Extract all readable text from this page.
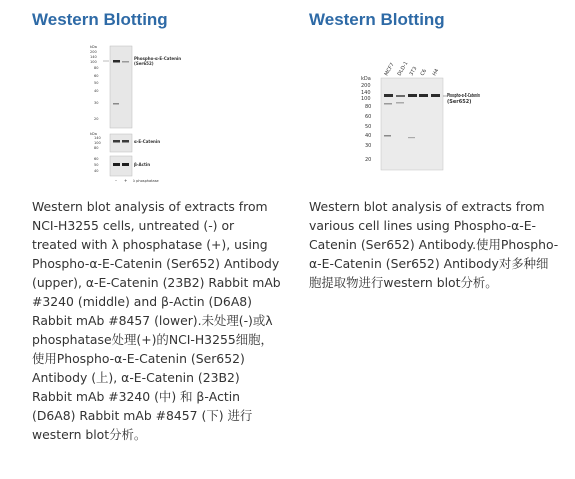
Western Blotting
kDa
200
140
100
80
60
50
40
30
20
Phospho-α-E-Catenin
(Ser652)
kDa
140
100
80
α-E-Catenin
60
50
40
β-Actin
– + λ phosphatase

Western blot analysis of extracts from NCI-H3255 cells, untreated (-) or treated with λ phosphatase (+), using Phospho-α-E-Catenin (Ser652) Antibody (upper), α-E-Catenin (23B2) Rabbit mAb #3240 (middle) and β-Actin (D6A8) Rabbit mAb #8457 (lower).未处理(-)或λ phosphatase处理(+)的NCI-H3255细胞，使用Phospho-α-E-Catenin (Ser652) Antibody (上), α-E-Catenin (23B2) Rabbit mAb #3240 (中) 和 β-Actin (D6A8) Rabbit mAb #8457 (下) 进行western blot分析。

Western Blotting
MCF7 DLD-1 3T3 C6 H4
kDa
200
140
100
80
60
50
40
30
20
Phospho-α-E-Catenin
(Ser652)

Western blot analysis of extracts from various cell lines using Phospho-α-E-Catenin (Ser652) Antibody.使用Phospho-α-E-Catenin (Ser652) Antibody对多种细胞提取物进行western blot分析。
